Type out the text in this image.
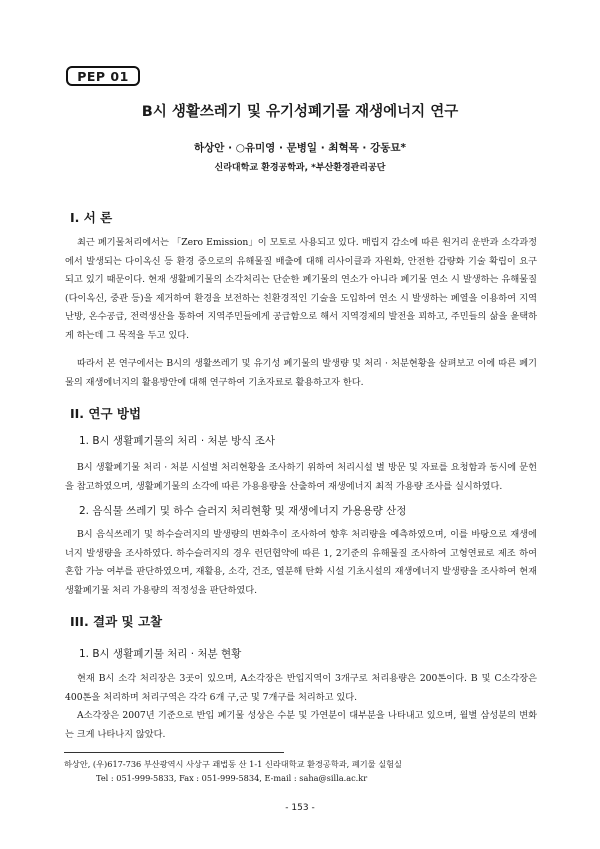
PEP 01
B시 생활쓰레기 및 유기성폐기물 재생에너지 연구
하상안 · ○유미영 · 문병일 · 최혁목 · 강동묘*
신라대학교 환경공학과, *부산환경관리공단
I. 서 론

최근 폐기물처리에서는 「Zero Emission」이 모토로 사용되고 있다. 매립지 감소에 따른 원거리 운반과 소각과정에서 발생되는 다이옥신 등 환경 중으로의 유해물질 배출에 대해 리사이클과 자원화, 안전한 감량화 기술 확립이 요구되고 있기 때문이다. 현재 생활폐기물의 소각처리는 단순한 폐기물의 연소가 아니라 폐기물 연소 시 발생하는 유해물질(다이옥신, 중관 등)을 제거하여 환경을 보전하는 친환경적인 기술을 도입하여 연소 시 발생하는 폐열을 이용하여 지역난방, 온수공급, 전력생산을 통하여 지역주민들에게 공급함으로 해서 지역경제의 발전을 꾀하고, 주민들의 삶을 윤택하게 하는데 그 목적을 두고 있다.

따라서 본 연구에서는 B시의 생활쓰레기 및 유기성 폐기물의 발생량 및 처리 · 처분현황을 살펴보고 이에 따른 폐기물의 재생에너지의 활용방안에 대해 연구하여 기초자료로 활용하고자 한다.

II. 연구 방법
1. B시 생활폐기물의 처리 · 처분 방식 조사

B시 생활폐기물 처리 · 처분 시설별 처리현황을 조사하기 위하여 처리시설 별 방문 및 자료를 요청함과 동시에 문헌을 참고하였으며, 생활폐기물의 소각에 따른 가용용량을 산출하여 재생에너지 최적 가용량 조사를 실시하였다.

2. 음식물 쓰레기 및 하수 슬러지 처리현황 및 재생에너지 가용용량 산정

B시 음식쓰레기 및 하수슬러지의 발생량의 변화추이 조사하여 향후 처리량을 예측하였으며, 이를 바탕으로 재생에너지 발생량을 조사하였다. 하수슬러지의 경우 런던협약에 따른 1, 2기준의 유해물질 조사하여 고형연료로 제조 하여 혼합 가능 여부를 판단하였으며, 재활용, 소각, 건조, 열분해 탄화 시설 기초시설의 재생에너지 발생량을 조사하여 현재 생활폐기물 처리 가용량의 적정성을 판단하였다.

III. 결과 및 고찰
1. B시 생활폐기물 처리 · 처분 현황

현재 B시 소각 처리장은 3곳이 있으며, A소각장은 반입지역이 3개구로 처리용량은 200톤이다. B 및 C소각장은 400톤을 처리하며 처리구역은 각각 6개 구,군 및 7개구를 처리하고 있다.

A소각장은 2007년 기준으로 반입 폐기물 성상은 수분 및 가연분이 대부분을 나타내고 있으며, 월별 삼성분의 변화는 크게 나타나지 않았다.

하상안, (우)617-736 부산광역시 사상구 괘법동 산 1-1 신라대학교 환경공학과, 폐기물 실험실
Tel : 051-999-5833, Fax : 051-999-5834, E-mail : saha@silla.ac.kr
- 153 -
